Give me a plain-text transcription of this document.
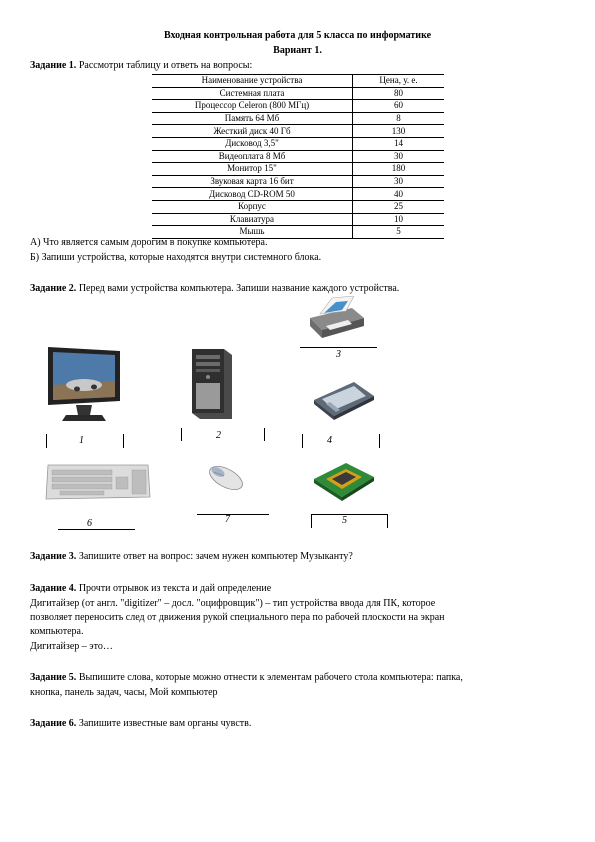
Входная контрольная работа для 5 класса по информатике
Вариант 1.
Задание 1. Рассмотри таблицу и ответь на вопросы:
Наименование устройства	Цена, у. е.
Системная плата	80
Процессор Celeron (800 МГц)	60
Память 64 Мб	8
Жесткий диск 40 Гб	130
Дисковод 3,5"	14
Видеоплата 8 Мб	30
Монитор 15"	180
Звуковая карта 16 бит	30
Дисковод CD-ROM 50	40
Корпус	25
Клавиатура	10
Мышь	5
А) Что является самым дорогим в покупке компьютера.
Б) Запиши устройства, которые находятся внутри системного блока.
Задание 2. Перед вами устройства компьютера. Запиши название каждого устройства.
3
1	2	4
6	7	5
Задание 3. Запишите ответ на вопрос: зачем нужен компьютер Музыканту?
Задание 4. Прочти отрывок из текста и дай определение
Дигитайзер (от англ. "digitizer" – досл. "оцифровщик") – тип устройства ввода для ПК, которое
позволяет переносить след от движения рукой специального пера по рабочей плоскости на экран
компьютера.
Дигитайзер – это…
Задание 5. Выпишите слова, которые можно отнести к элементам рабочего стола компьютера: папка,
кнопка, панель задач, часы, Мой компьютер
Задание 6. Запишите известные вам органы чувств.
